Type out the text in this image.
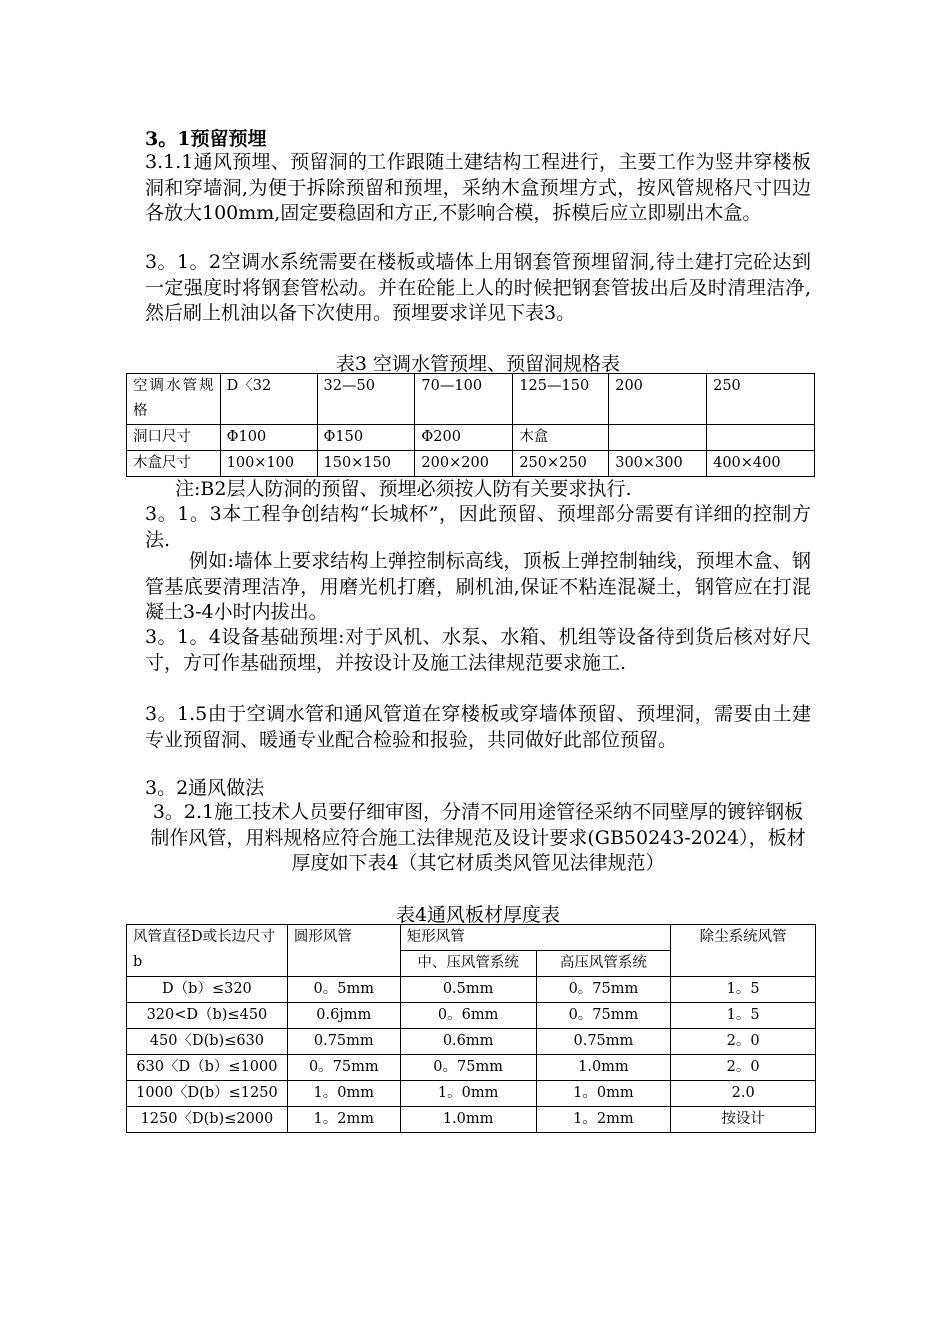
3。1预留预埋
3.1.1通风预埋、预留洞的工作跟随土建结构工程进行，主要工作为竖井穿楼板洞和穿墙洞,为便于拆除预留和预埋，采纳木盒预埋方式，按风管规格尺寸四边各放大100mm,固定要稳固和方正,不影响合模，拆模后应立即剔出木盒。
3。1。2空调水系统需要在楼板或墙体上用钢套管预埋留洞,待土建打完砼达到一定强度时将钢套管松动。并在砼能上人的时候把钢套管拔出后及时清理洁净,然后刷上机油以备下次使用。预埋要求详见下表3。
表3 空调水管预埋、预留洞规格表
空调水管规格	D〈32	32—50	70—100	125—150	200	250
洞口尺寸	Φ100	Φ150	Φ200	木盒		
木盒尺寸	100×100	150×150	200×200	250×250	300×300	400×400
注:B2层人防洞的预留、预埋必须按人防有关要求执行.
3。1。3本工程争创结构“长城杯”，因此预留、预埋部分需要有详细的控制方法.
例如:墙体上要求结构上弹控制标高线，顶板上弹控制轴线，预埋木盒、钢管基底要清理洁净，用磨光机打磨，刷机油,保证不粘连混凝土，钢管应在打混凝土3-4小时内拔出。
3。1。4设备基础预埋:对于风机、水泵、水箱、机组等设备待到货后核对好尺寸，方可作基础预埋，并按设计及施工法律规范要求施工.
3。1.5由于空调水管和通风管道在穿楼板或穿墙体预留、预埋洞，需要由土建专业预留洞、暖通专业配合检验和报验，共同做好此部位预留。
3。2通风做法
3。2.1施工技术人员要仔细审图，分清不同用途管径采纳不同壁厚的镀锌钢板制作风管，用料规格应符合施工法律规范及设计要求(GB50243-2024），板材厚度如下表4（其它材质类风管见法律规范）
表4通风板材厚度表
风管直径D或长边尺寸b	圆形风管	矩形风管		除尘系统风管
		中、压风管系统	高压风管系统	
D（b）≤320	0。5mm	0.5mm	0。75mm	1。5
320<D（b)≤450	0.6jmm	0。6mm	0。75mm	1。5
450〈D(b)≤630	0.75mm	0.6mm	0.75mm	2。0
630〈D（b）≤1000	0。75mm	0。75mm	1.0mm	2。0
1000〈D(b）≤1250	1。0mm	1。0mm	1。0mm	2.0
1250〈D(b)≤2000	1。2mm	1.0mm	1。2mm	按设计
